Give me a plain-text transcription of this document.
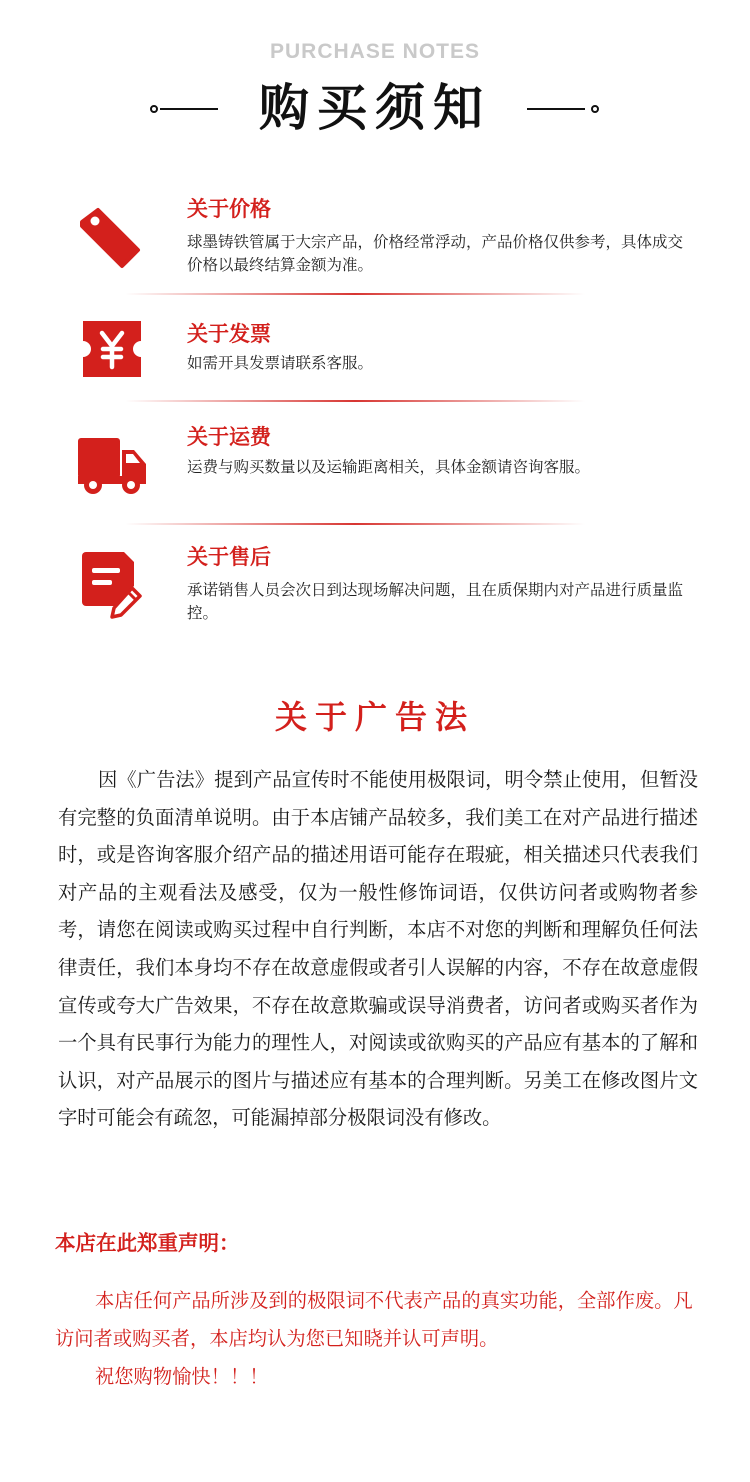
PURCHASE NOTES
购买须知
关于价格
球墨铸铁管属于大宗产品，价格经常浮动，产品价格仅供参考，具体成交价格以最终结算金额为准。
关于发票
如需开具发票请联系客服。
关于运费
运费与购买数量以及运输距离相关，具体金额请咨询客服。
关于售后
承诺销售人员会次日到达现场解决问题，且在质保期内对产品进行质量监控。
关于广告法
因《广告法》提到产品宣传时不能使用极限词，明令禁止使用，但暂没有完整的负面清单说明。由于本店铺产品较多，我们美工在对产品进行描述时，或是咨询客服介绍产品的描述用语可能存在瑕疵，相关描述只代表我们对产品的主观看法及感受，仅为一般性修饰词语，仅供访问者或购物者参考，请您在阅读或购买过程中自行判断，本店不对您的判断和理解负任何法律责任，我们本身均不存在故意虚假或者引人误解的内容，不存在故意虚假宣传或夸大广告效果，不存在故意欺骗或误导消费者，访问者或购买者作为一个具有民事行为能力的理性人，对阅读或欲购买的产品应有基本的了解和认识，对产品展示的图片与描述应有基本的合理判断。另美工在修改图片文字时可能会有疏忽，可能漏掉部分极限词没有修改。
本店在此郑重声明：
本店任何产品所涉及到的极限词不代表产品的真实功能，全部作废。凡访问者或购买者，本店均认为您已知晓并认可声明。
祝您购物愉快！！！
